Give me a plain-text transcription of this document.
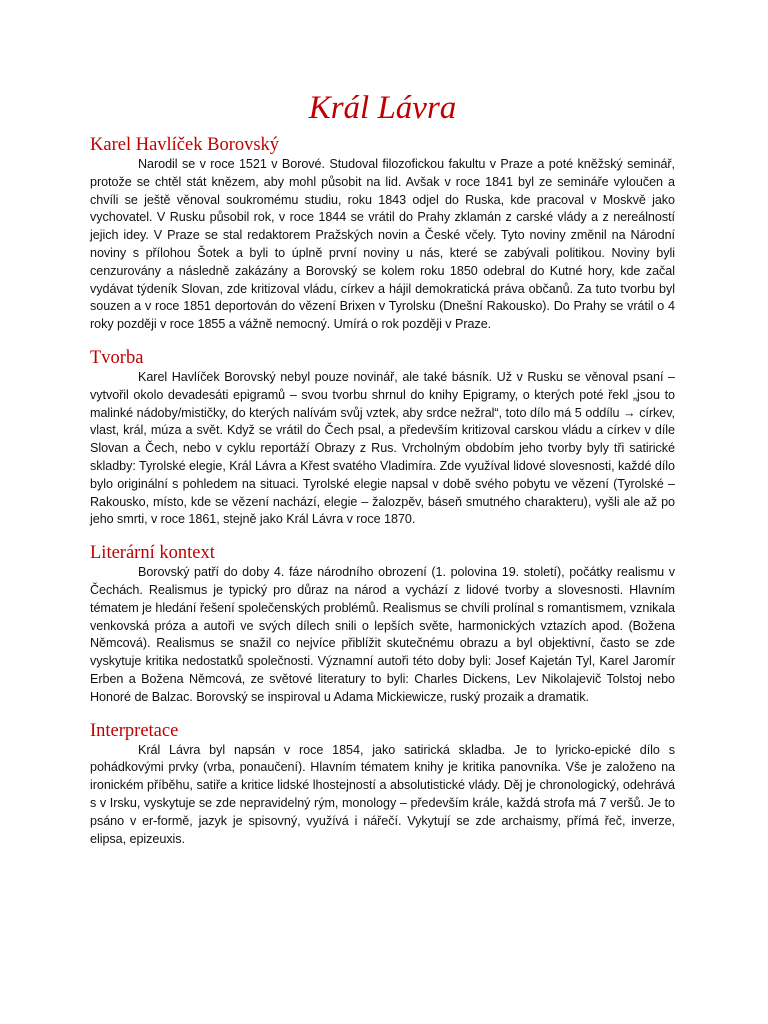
Král Lávra
Karel Havlíček Borovský

Narodil se v roce 1521 v Borové. Studoval filozofickou fakultu v Praze a poté kněžský seminář, protože se chtěl stát knězem, aby mohl působit na lid. Avšak v roce 1841 byl ze semináře vyloučen a chvíli se ještě věnoval soukromému studiu, roku 1843 odjel do Ruska, kde pracoval v Moskvě jako vychovatel. V Rusku působil rok, v roce 1844 se vrátil do Prahy zklamán z carské vlády a z nereálností jejich idey. V Praze se stal redaktorem Pražských novin a České včely. Tyto noviny změnil na Národní noviny s přílohou Šotek a byli to úplně první noviny u nás, které se zabývali politikou. Noviny byli cenzurovány a následně zakázány a Borovský se kolem roku 1850 odebral do Kutné hory, kde začal vydávat týdeník Slovan, zde kritizoval vládu, církev a hájil demokratická práva občanů. Za tuto tvorbu byl souzen a v roce 1851 deportován do vězení Brixen v Tyrolsku (Dnešní Rakousko). Do Prahy se vrátil o 4 roky později v roce 1855 a vážně nemocný. Umírá o rok později v Praze.

Tvorba

Karel Havlíček Borovský nebyl pouze novinář, ale také básník. Už v Rusku se věnoval psaní – vytvořil okolo devadesáti epigramů – svou tvorbu shrnul do knihy Epigramy, o kterých poté řekl „jsou to malinké nádoby/mističky, do kterých nalívám svůj vztek, aby srdce nežral“, toto dílo má 5 oddílu → církev, vlast, král, múza a svět. Když se vrátil do Čech psal, a především kritizoval carskou vládu a církev v díle Slovan a Čech, nebo v cyklu reportáží Obrazy z Rus. Vrcholným obdobím jeho tvorby byly tři satirické skladby: Tyrolské elegie, Král Lávra a Křest svatého Vladimíra. Zde využíval lidové slovesnosti, každé dílo bylo originální s pohledem na situaci. Tyrolské elegie napsal v době svého pobytu ve vězení (Tyrolské – Rakousko, místo, kde se vězení nachází, elegie – žalozpěv, báseň smutného charakteru), vyšli ale až po jeho smrti, v roce 1861, stejně jako Král Lávra v roce 1870.

Literární kontext

Borovský patří do doby 4. fáze národního obrození (1. polovina 19. století), počátky realismu v Čechách. Realismus je typický pro důraz na národ a vychází z lidové tvorby a slovesnosti. Hlavním tématem je hledání řešení společenských problémů. Realismus se chvíli prolínal s romantismem, vznikala venkovská próza a autoři ve svých dílech snili o lepších světe, harmonických vztazích apod. (Božena Němcová). Realismus se snažil co nejvíce přiblížit skutečnému obrazu a byl objektivní, často se zde vyskytuje kritika nedostatků společnosti. Významní autoři této doby byli: Josef Kajetán Tyl, Karel Jaromír Erben a Božena Němcová, ze světové literatury to byli: Charles Dickens, Lev Nikolajevič Tolstoj nebo Honoré de Balzac. Borovský se inspiroval u Adama Mickiewicze, ruský prozaik a dramatik.

Interpretace

Král Lávra byl napsán v roce 1854, jako satirická skladba. Je to lyricko-epické dílo s pohádkovými prvky (vrba, ponaučení). Hlavním tématem knihy je kritika panovníka. Vše je založeno na ironickém příběhu, satiře a kritice lidské lhostejností a absolutistické vlády. Děj je chronologický, odehrává s v Irsku, vyskytuje se zde nepravidelný rým, monology – především krále, každá strofa má 7 veršů. Je to psáno v er-formě, jazyk je spisovný, využívá i nářečí. Vykytují se zde archaismy, přímá řeč, inverze, elipsa, epizeuxis.
